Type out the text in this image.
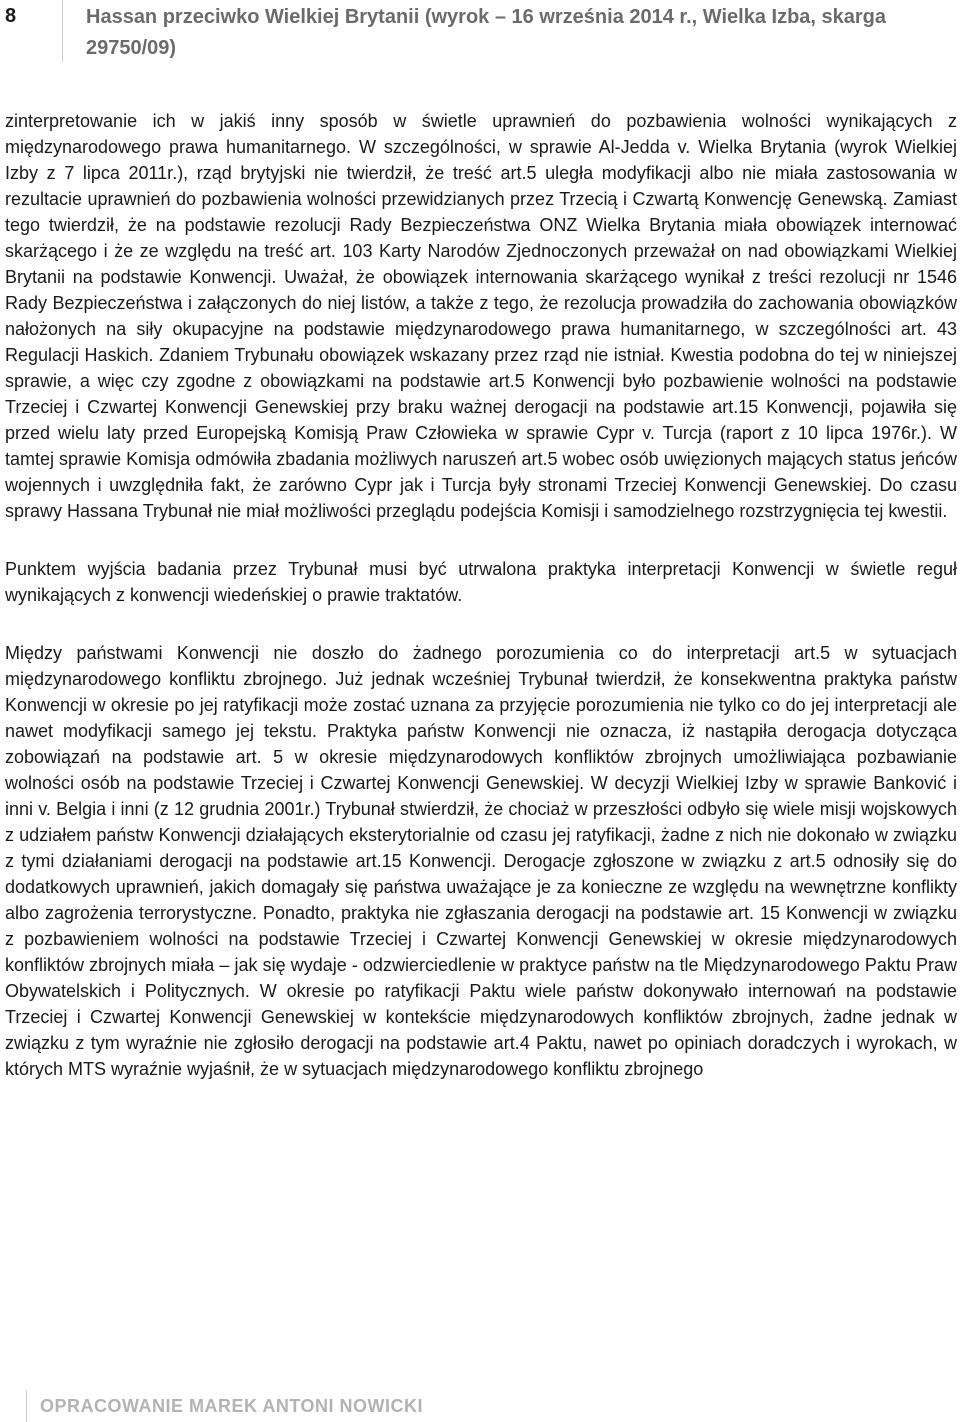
8	Hassan przeciwko Wielkiej Brytanii (wyrok – 16 września 2014 r., Wielka Izba, skarga 29750/09)

zinterpretowanie ich w jakiś inny sposób w świetle uprawnień do pozbawienia wolności wynikających z międzynarodowego prawa humanitarnego. W szczególności, w sprawie Al-Jedda v. Wielka Brytania (wyrok Wielkiej Izby z 7 lipca 2011r.), rząd brytyjski nie twierdził, że treść art.5 uległa modyfikacji albo nie miała zastosowania w rezultacie uprawnień do pozbawienia wolności przewidzianych przez Trzecią i Czwartą Konwencję Genewską. Zamiast tego twierdził, że na podstawie rezolucji Rady Bezpieczeństwa ONZ Wielka Brytania miała obowiązek internować skarżącego i że ze względu na treść art. 103 Karty Narodów Zjednoczonych przeważał on nad obowiązkami Wielkiej Brytanii na podstawie Konwencji. Uważał, że obowiązek internowania skarżącego wynikał z treści rezolucji nr 1546 Rady Bezpieczeństwa i załączonych do niej listów, a także z tego, że rezolucja prowadziła do zachowania obowiązków nałożonych na siły okupacyjne na podstawie międzynarodowego prawa humanitarnego, w szczególności art. 43 Regulacji Haskich. Zdaniem Trybunału obowiązek wskazany przez rząd nie istniał. Kwestia podobna do tej w niniejszej sprawie, a więc czy zgodne z obowiązkami na podstawie art.5 Konwencji było pozbawienie wolności na podstawie Trzeciej i Czwartej Konwencji Genewskiej przy braku ważnej derogacji na podstawie art.15 Konwencji, pojawiła się przed wielu laty przed Europejską Komisją Praw Człowieka w sprawie Cypr v. Turcja (raport z 10 lipca 1976r.). W tamtej sprawie Komisja odmówiła zbadania możliwych naruszeń art.5 wobec osób uwięzionych mających status jeńców wojennych i uwzględniła fakt, że zarówno Cypr jak i Turcja były stronami Trzeciej Konwencji Genewskiej. Do czasu sprawy Hassana Trybunał nie miał możliwości przeglądu podejścia Komisji i samodzielnego rozstrzygnięcia tej kwestii.

Punktem wyjścia badania przez Trybunał musi być utrwalona praktyka interpretacji Konwencji w świetle reguł wynikających z konwencji wiedeńskiej o prawie traktatów.

Między państwami Konwencji nie doszło do żadnego porozumienia co do interpretacji art.5 w sytuacjach międzynarodowego konfliktu zbrojnego. Już jednak wcześniej Trybunał twierdził, że konsekwentna praktyka państw Konwencji w okresie po jej ratyfikacji może zostać uznana za przyjęcie porozumienia nie tylko co do jej interpretacji ale nawet modyfikacji samego jej tekstu. Praktyka państw Konwencji nie oznacza, iż nastąpiła derogacja dotycząca zobowiązań na podstawie art. 5 w okresie międzynarodowych konfliktów zbrojnych umożliwiająca pozbawianie wolności osób na podstawie Trzeciej i Czwartej Konwencji Genewskiej. W decyzji Wielkiej Izby w sprawie Banković i inni v. Belgia i inni (z 12 grudnia 2001r.) Trybunał stwierdził, że chociaż w przeszłości odbyło się wiele misji wojskowych z udziałem państw Konwencji działających eksterytorialnie od czasu jej ratyfikacji, żadne z nich nie dokonało w związku z tymi działaniami derogacji na podstawie art.15 Konwencji. Derogacje zgłoszone w związku z art.5 odnosiły się do dodatkowych uprawnień, jakich domagały się państwa uważające je za konieczne ze względu na wewnętrzne konflikty albo zagrożenia terrorystyczne. Ponadto, praktyka nie zgłaszania derogacji na podstawie art. 15 Konwencji w związku z pozbawieniem wolności na podstawie Trzeciej i Czwartej Konwencji Genewskiej w okresie międzynarodowych konfliktów zbrojnych miała – jak się wydaje - odzwierciedlenie w praktyce państw na tle Międzynarodowego Paktu Praw Obywatelskich i Politycznych. W okresie po ratyfikacji Paktu wiele państw dokonywało internowań na podstawie Trzeciej i Czwartej Konwencji Genewskiej w kontekście międzynarodowych konfliktów zbrojnych, żadne jednak w związku z tym wyraźnie nie zgłosiło derogacji na podstawie art.4 Paktu, nawet po opiniach doradczych i wyrokach, w których MTS wyraźnie wyjaśnił, że w sytuacjach międzynarodowego konfliktu zbrojnego

OPRACOWANIE MAREK ANTONI NOWICKI
